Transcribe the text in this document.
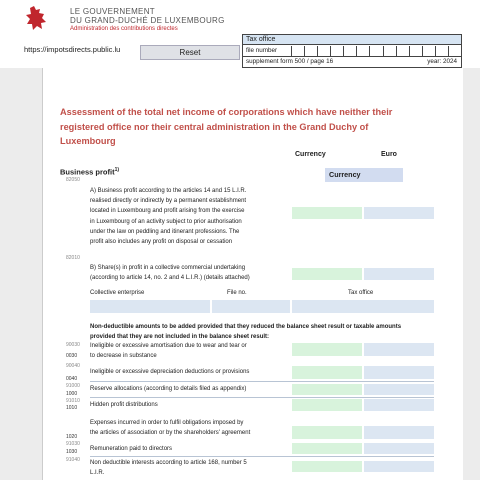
LE GOUVERNEMENT
DU GRAND-DUCHÉ DE LUXEMBOURG
Administration des contributions directes
https://impotsdirects.public.lu	Reset
Tax office
file number
supplement form 500 / page 16	year: 2024
Assessment of the total net income of corporations which have neither their
registered office nor their central administration in the Grand Duchy of
Luxembourg
Currency	Euro
Business profit$^{1)}$	Currency
82050
A) Business profit according to the articles 14 and 15 L.I.R.
realised directly or indirectly by a permanent establishment
located in Luxembourg and profit arising from the exercise
in Luxembourg of an activity subject to prior authorisation
under the law on peddling and itinerant professions. The
profit also includes any profit on disposal or cessation
82010
B) Share(s) in profit in a collective commercial undertaking
(according to article 14, no. 2 and 4 L.I.R.) (details attached)
Collective enterprise	File no.	Tax office
Non-deductible amounts to be added provided that they reduced the balance sheet result or taxable amounts
provided that they are not included in the balance sheet result:
90030
0030
Ineligible or excessive amortisation due to wear and tear or
to decrease in substance
90040
0040
Ineligible or excessive depreciation deductions or provisions
91000
1000
Reserve allocations (according to details filed as appendix)
91010
1010 Hidden profit distributions
Expenses incurred in order to fulfil obligations imposed by
the articles of association or by the shareholders' agreement
1020
91030
1030 Remuneration paid to directors
91040 Non deductible interests according to article 168, number 5
L.I.R.
